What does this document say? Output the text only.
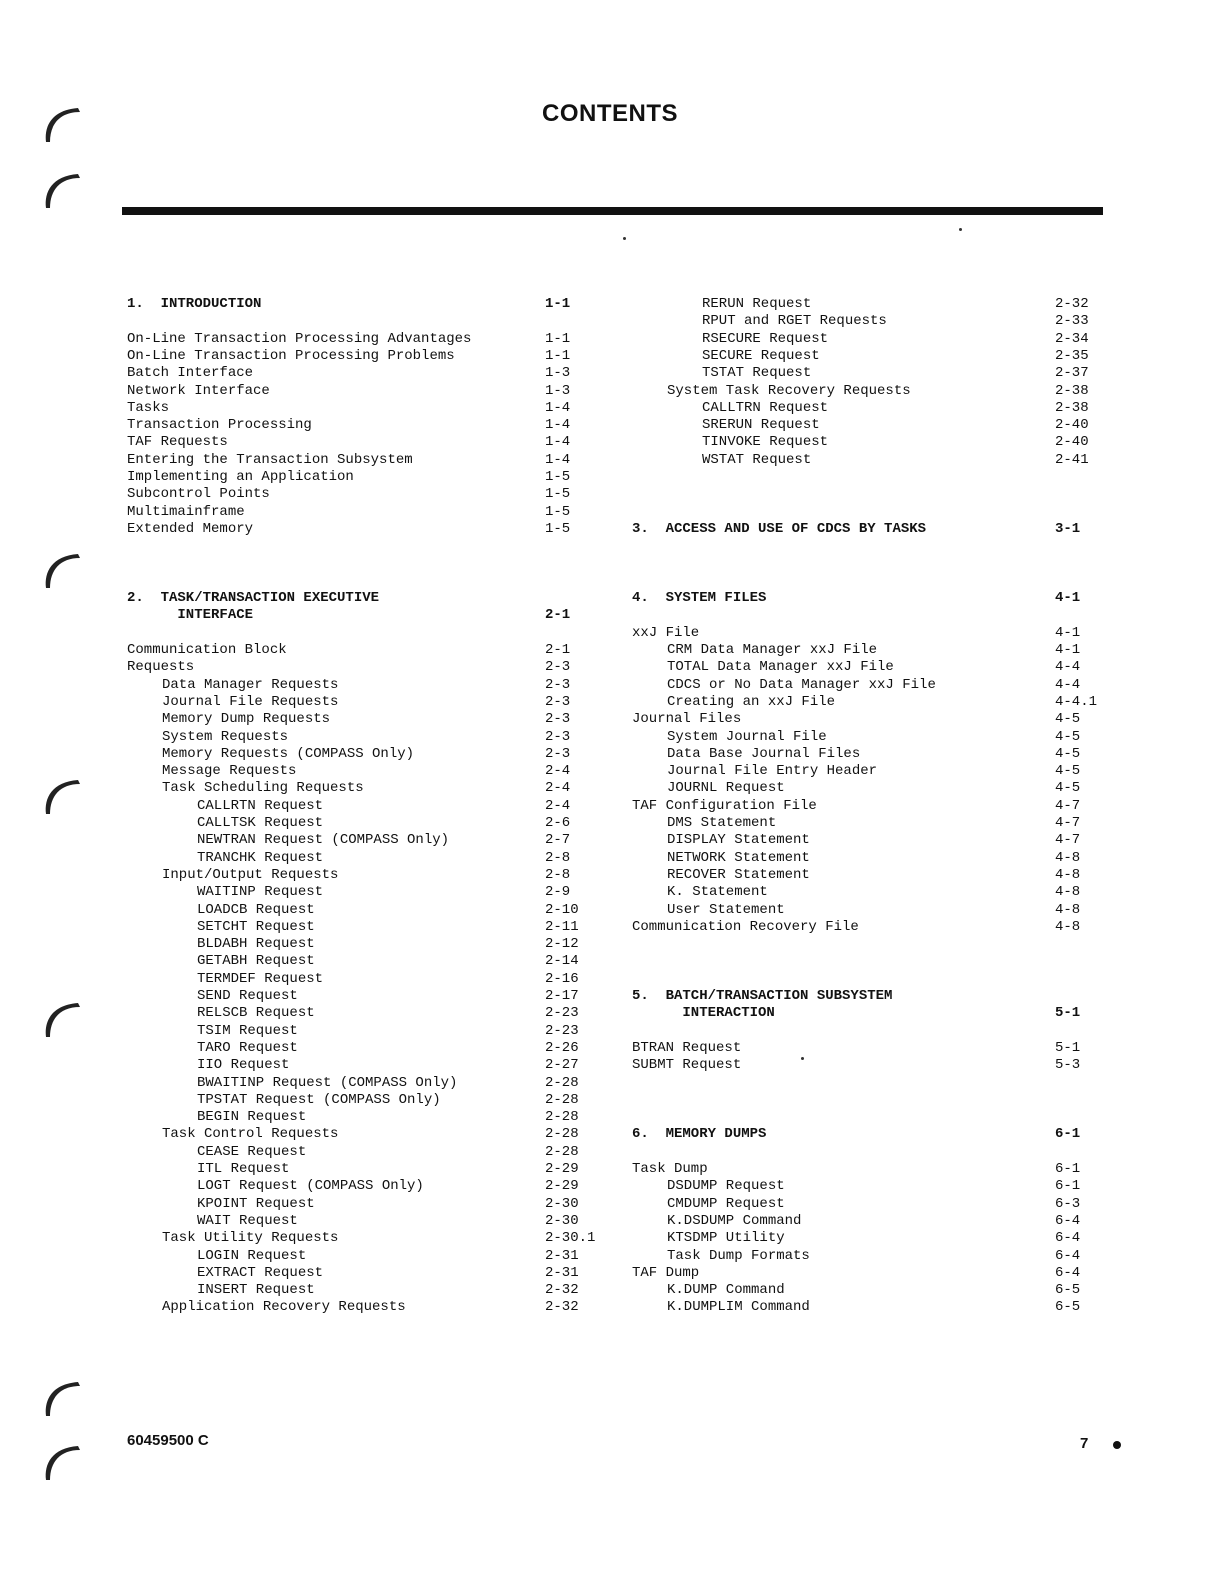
CONTENTS
1.  INTRODUCTION	1-1
On-Line Transaction Processing Advantages	1-1
On-Line Transaction Processing Problems	1-1
Batch Interface	1-3
Network Interface	1-3
Tasks	1-4
Transaction Processing	1-4
TAF Requests	1-4
Entering the Transaction Subsystem	1-4
Implementing an Application	1-5
Subcontrol Points	1-5
Multimainframe	1-5
Extended Memory	1-5
2.  TASK/TRANSACTION EXECUTIVE
INTERFACE	2-1
Communication Block	2-1
Requests	2-3
Data Manager Requests	2-3
Journal File Requests	2-3
Memory Dump Requests	2-3
System Requests	2-3
Memory Requests (COMPASS Only)	2-3
Message Requests	2-4
Task Scheduling Requests	2-4
CALLRTN Request	2-4
CALLTSK Request	2-6
NEWTRAN Request (COMPASS Only)	2-7
TRANCHK Request	2-8
Input/Output Requests	2-8
WAITINP Request	2-9
LOADCB Request	2-10
SETCHT Request	2-11
BLDABH Request	2-12
GETABH Request	2-14
TERMDEF Request	2-16
SEND Request	2-17
RELSCB Request	2-23
TSIM Request	2-23
TARO Request	2-26
IIO Request	2-27
BWAITINP Request (COMPASS Only)	2-28
TPSTAT Request (COMPASS Only)	2-28
BEGIN Request	2-28
Task Control Requests	2-28
CEASE Request	2-28
ITL Request	2-29
LOGT Request (COMPASS Only)	2-29
KPOINT Request	2-30
WAIT Request	2-30
Task Utility Requests	2-30.1
LOGIN Request	2-31
EXTRACT Request	2-31
INSERT Request	2-32
Application Recovery Requests	2-32
RERUN Request	2-32
RPUT and RGET Requests	2-33
RSECURE Request	2-34
SECURE Request	2-35
TSTAT Request	2-37
System Task Recovery Requests	2-38
CALLTRN Request	2-38
SRERUN Request	2-40
TINVOKE Request	2-40
WSTAT Request	2-41
3.  ACCESS AND USE OF CDCS BY TASKS	3-1
4.  SYSTEM FILES	4-1
xxJ File	4-1
CRM Data Manager xxJ File	4-1
TOTAL Data Manager xxJ File	4-4
CDCS or No Data Manager xxJ File	4-4
Creating an xxJ File	4-4.1
Journal Files	4-5
System Journal File	4-5
Data Base Journal Files	4-5
Journal File Entry Header	4-5
JOURNL Request	4-5
TAF Configuration File	4-7
DMS Statement	4-7
DISPLAY Statement	4-7
NETWORK Statement	4-8
RECOVER Statement	4-8
K. Statement	4-8
User Statement	4-8
Communication Recovery File	4-8
5.  BATCH/TRANSACTION SUBSYSTEM
INTERACTION	5-1
BTRAN Request	5-1
SUBMT Request	5-3
6.  MEMORY DUMPS	6-1
Task Dump	6-1
DSDUMP Request	6-1
CMDUMP Request	6-3
K.DSDUMP Command	6-4
KTSDMP Utility	6-4
Task Dump Formats	6-4
TAF Dump	6-4
K.DUMP Command	6-5
K.DUMPLIM Command	6-5
60459500 C	7
